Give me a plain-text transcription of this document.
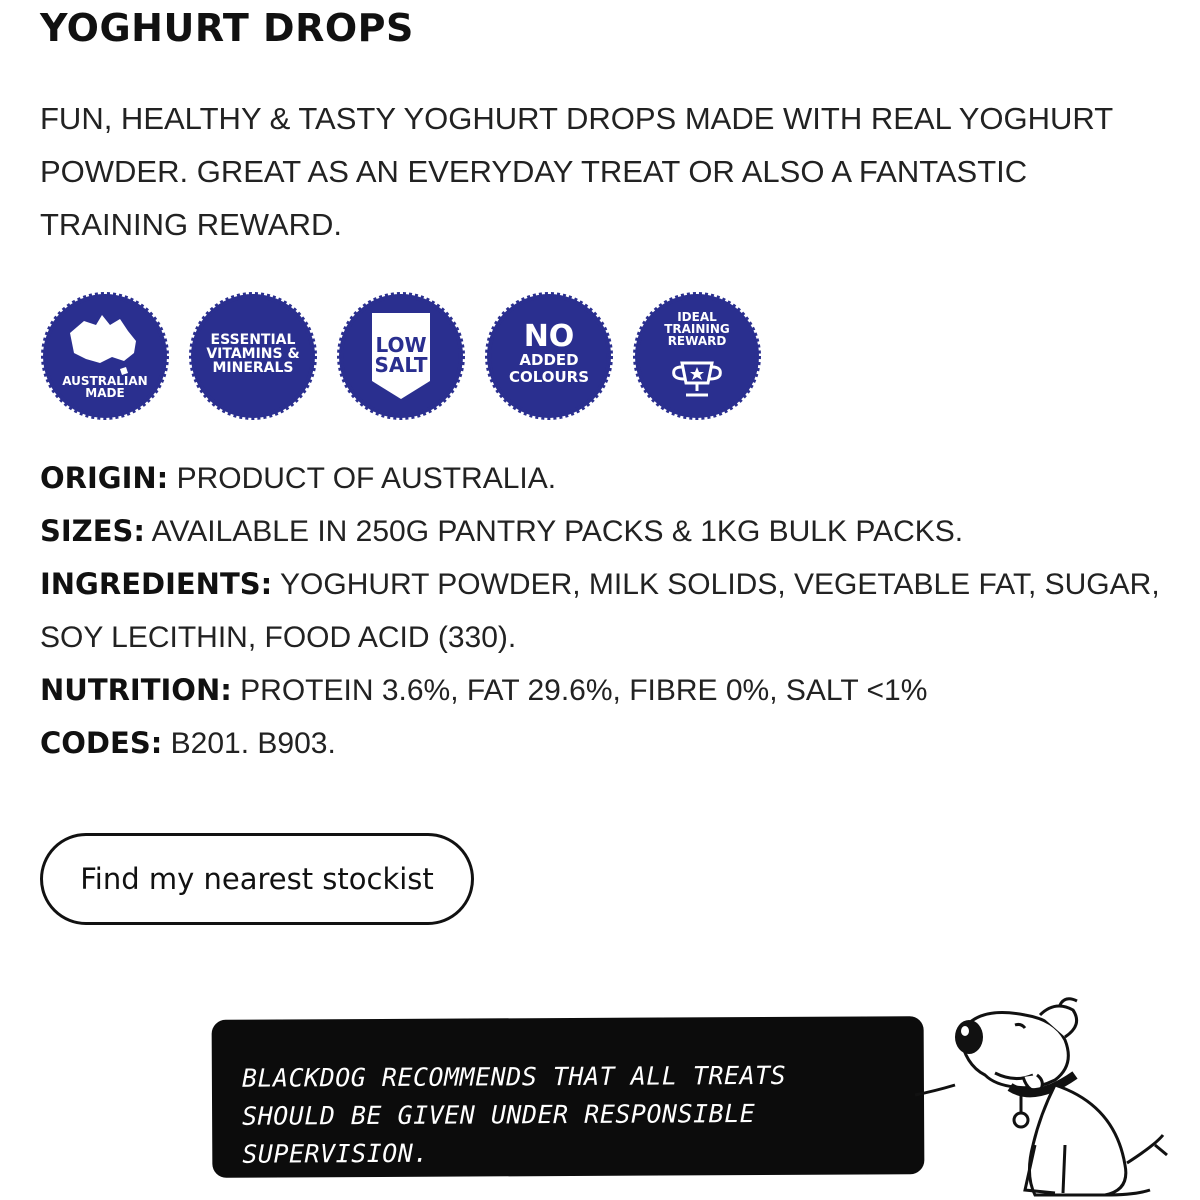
YOGHURT DROPS

FUN, HEALTHY & TASTY YOGHURT DROPS MADE WITH REAL YOGHURT POWDER. GREAT AS AN EVERYDAY TREAT OR ALSO A FANTASTIC TRAINING REWARD.

AUSTRALIAN
MADE
ESSENTIAL
VITAMINS &
MINERALS
LOW
SALT
NO
ADDED
COLOURS
IDEAL
TRAINING
REWARD

ORIGIN: PRODUCT OF AUSTRALIA.

SIZES: AVAILABLE IN 250G PANTRY PACKS & 1KG BULK PACKS.

INGREDIENTS: YOGHURT POWDER, MILK SOLIDS, VEGETABLE FAT, SUGAR, SOY LECITHIN, FOOD ACID (330).

NUTRITION: PROTEIN 3.6%, FAT 29.6%, FIBRE 0%, SALT <1%

CODES: B201. B903.

Find my nearest stockist
BLACKDOG RECOMMENDS THAT ALL TREATS
SHOULD BE GIVEN UNDER RESPONSIBLE SUPERVISION.
